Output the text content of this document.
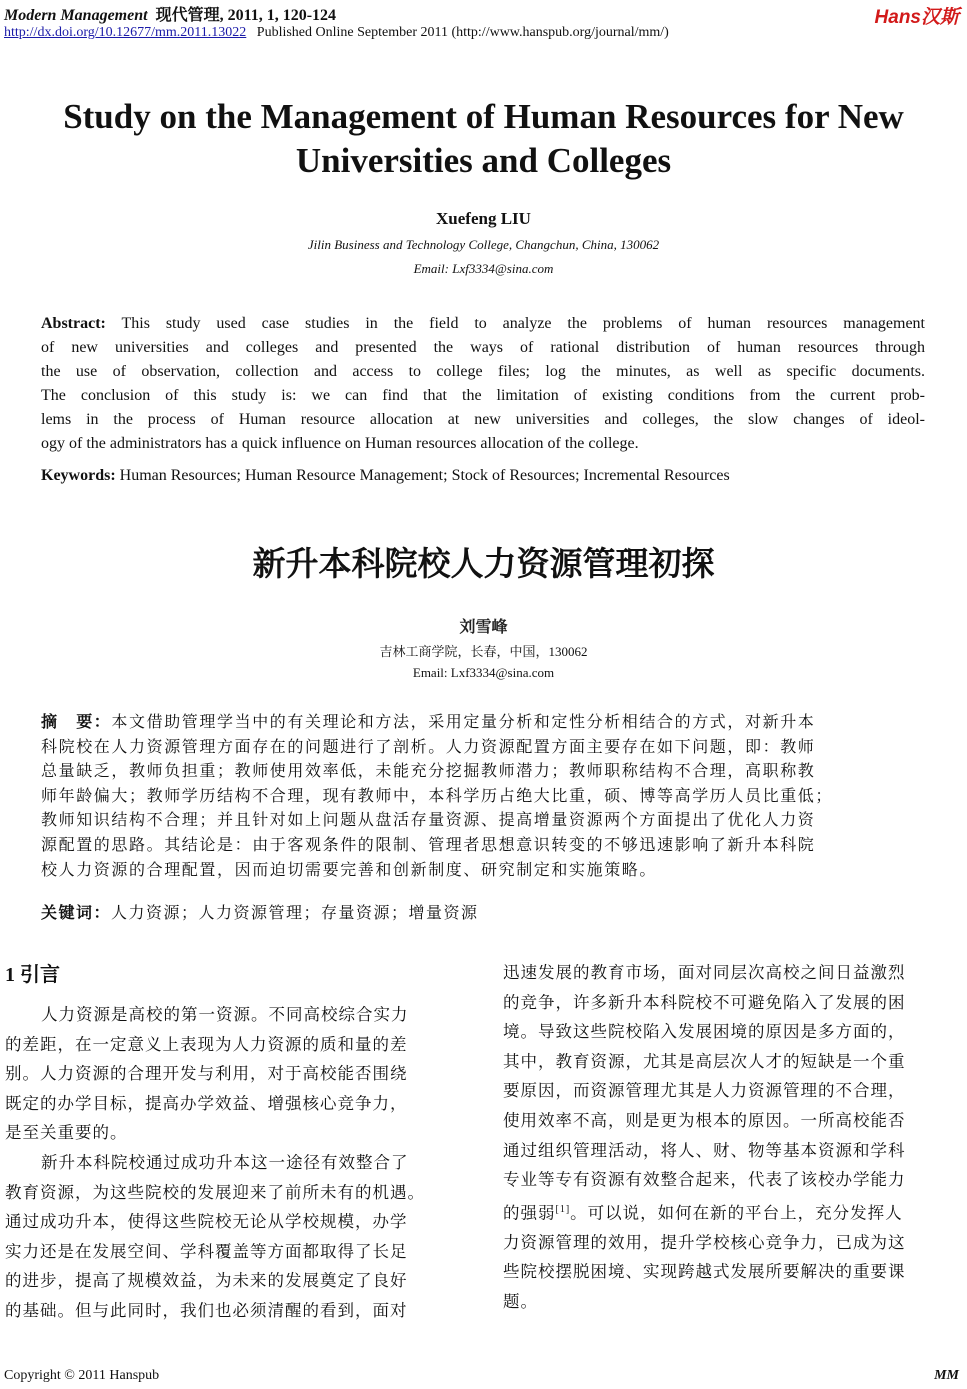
Modern Management 现代管理, 2011, 1, 120-124
http://dx.doi.org/10.12677/mm.2011.13022 Published Online September 2011 (http://www.hanspub.org/journal/mm/)
Hans汉斯
Study on the Management of Human Resources for New
Universities and Colleges
Xuefeng LIU
Jilin Business and Technology College, Changchun, China, 130062
Email: Lxf3334@sina.com
Abstract: This study used case studies in the field to analyze the problems of human resources management
of new universities and colleges and presented the ways of rational distribution of human resources through
the use of observation, collection and access to college files; log the minutes, as well as specific documents.
The conclusion of this study is: we can find that the limitation of existing conditions from the current prob-
lems in the process of Human resource allocation at new universities and colleges, the slow changes of ideol-
ogy of the administrators has a quick influence on Human resources allocation of the college.
Keywords: Human Resources; Human Resource Management; Stock of Resources; Incremental Resources
新升本科院校人力资源管理初探
刘雪峰
吉林工商学院，长春，中国，130062
Email: Lxf3334@sina.com
摘　要：本文借助管理学当中的有关理论和方法，采用定量分析和定性分析相结合的方式，对新升本
科院校在人力资源管理方面存在的问题进行了剖析。人力资源配置方面主要存在如下问题，即：教师
总量缺乏，教师负担重；教师使用效率低，未能充分挖掘教师潜力；教师职称结构不合理，高职称教
师年龄偏大；教师学历结构不合理，现有教师中，本科学历占绝大比重，硕、博等高学历人员比重低；
教师知识结构不合理；并且针对如上问题从盘活存量资源、提高增量资源两个方面提出了优化人力资
源配置的思路。其结论是：由于客观条件的限制、管理者思想意识转变的不够迅速影响了新升本科院
校人力资源的合理配置，因而迫切需要完善和创新制度、研究制定和实施策略。
关键词：人力资源；人力资源管理；存量资源；增量资源
1 引言
人力资源是高校的第一资源。不同高校综合实力
的差距，在一定意义上表现为人力资源的质和量的差
别。人力资源的合理开发与利用，对于高校能否围绕
既定的办学目标，提高办学效益、增强核心竞争力，
是至关重要的。
新升本科院校通过成功升本这一途径有效整合了
教育资源，为这些院校的发展迎来了前所未有的机遇。
通过成功升本，使得这些院校无论从学校规模，办学
实力还是在发展空间、学科覆盖等方面都取得了长足
的进步，提高了规模效益，为未来的发展奠定了良好
的基础。但与此同时，我们也必须清醒的看到，面对
迅速发展的教育市场，面对同层次高校之间日益激烈
的竞争，许多新升本科院校不可避免陷入了发展的困
境。导致这些院校陷入发展困境的原因是多方面的，
其中，教育资源，尤其是高层次人才的短缺是一个重
要原因，而资源管理尤其是人力资源管理的不合理，
使用效率不高，则是更为根本的原因。一所高校能否
通过组织管理活动，将人、财、物等基本资源和学科
专业等专有资源有效整合起来，代表了该校办学能力
的强弱[1]。可以说，如何在新的平台上，充分发挥人
力资源管理的效用，提升学校核心竞争力，已成为这
些院校摆脱困境、实现跨越式发展所要解决的重要课
题。
Copyright © 2011 Hanspub	MM
